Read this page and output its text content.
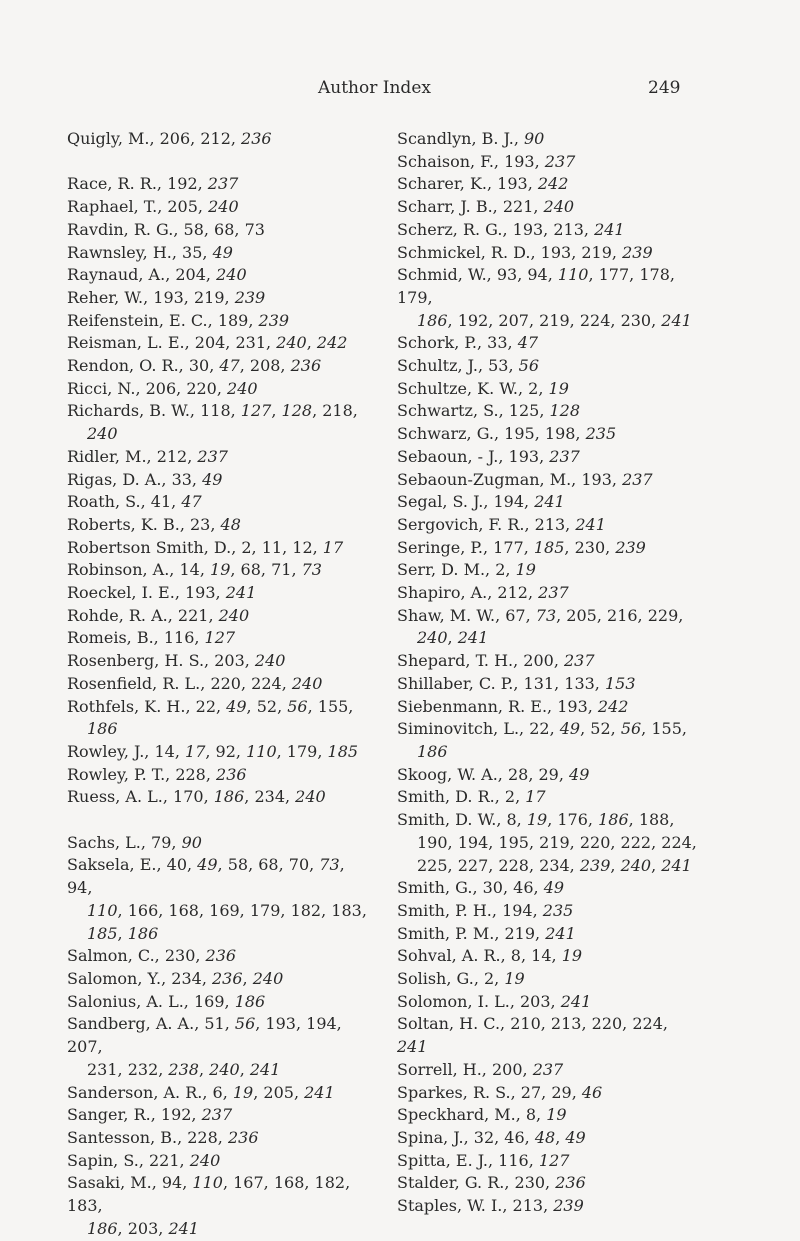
Author Index	249
Quigly, M., 206, 212, 236
Race, R. R., 192, 237
Raphael, T., 205, 240
Ravdin, R. G., 58, 68, 73
Rawnsley, H., 35, 49
Raynaud, A., 204, 240
Reher, W., 193, 219, 239
Reifenstein, E. C., 189, 239
Reisman, L. E., 204, 231, 240, 242
Rendon, O. R., 30, 47, 208, 236
Ricci, N., 206, 220, 240
Richards, B. W., 118, 127, 128, 218,
240
Ridler, M., 212, 237
Rigas, D. A., 33, 49
Roath, S., 41, 47
Roberts, K. B., 23, 48
Robertson Smith, D., 2, 11, 12, 17
Robinson, A., 14, 19, 68, 71, 73
Roeckel, I. E., 193, 241
Rohde, R. A., 221, 240
Romeis, B., 116, 127
Rosenberg, H. S., 203, 240
Rosenfield, R. L., 220, 224, 240
Rothfels, K. H., 22, 49, 52, 56, 155,
186
Rowley, J., 14, 17, 92, 110, 179, 185
Rowley, P. T., 228, 236
Ruess, A. L., 170, 186, 234, 240
Sachs, L., 79, 90
Saksela, E., 40, 49, 58, 68, 70, 73, 94,
110, 166, 168, 169, 179, 182, 183,
185, 186
Salmon, C., 230, 236
Salomon, Y., 234, 236, 240
Salonius, A. L., 169, 186
Sandberg, A. A., 51, 56, 193, 194, 207,
231, 232, 238, 240, 241
Sanderson, A. R., 6, 19, 205, 241
Sanger, R., 192, 237
Santesson, B., 228, 236
Sapin, S., 221, 240
Sasaki, M., 94, 110, 167, 168, 182, 183,
186, 203, 241
Scandlyn, B. J., 90
Schaison, F., 193, 237
Scharer, K., 193, 242
Scharr, J. B., 221, 240
Scherz, R. G., 193, 213, 241
Schmickel, R. D., 193, 219, 239
Schmid, W., 93, 94, 110, 177, 178, 179,
186, 192, 207, 219, 224, 230, 241
Schork, P., 33, 47
Schultz, J., 53, 56
Schultze, K. W., 2, 19
Schwartz, S., 125, 128
Schwarz, G., 195, 198, 235
Sebaoun, - J., 193, 237
Sebaoun-Zugman, M., 193, 237
Segal, S. J., 194, 241
Sergovich, F. R., 213, 241
Seringe, P., 177, 185, 230, 239
Serr, D. M., 2, 19
Shapiro, A., 212, 237
Shaw, M. W., 67, 73, 205, 216, 229,
240, 241
Shepard, T. H., 200, 237
Shillaber, C. P., 131, 133, 153
Siebenmann, R. E., 193, 242
Siminovitch, L., 22, 49, 52, 56, 155,
186
Skoog, W. A., 28, 29, 49
Smith, D. R., 2, 17
Smith, D. W., 8, 19, 176, 186, 188,
190, 194, 195, 219, 220, 222, 224,
225, 227, 228, 234, 239, 240, 241
Smith, G., 30, 46, 49
Smith, P. H., 194, 235
Smith, P. M., 219, 241
Sohval, A. R., 8, 14, 19
Solish, G., 2, 19
Solomon, I. L., 203, 241
Soltan, H. C., 210, 213, 220, 224, 241
Sorrell, H., 200, 237
Sparkes, R. S., 27, 29, 46
Speckhard, M., 8, 19
Spina, J., 32, 46, 48, 49
Spitta, E. J., 116, 127
Stalder, G. R., 230, 236
Staples, W. I., 213, 239
